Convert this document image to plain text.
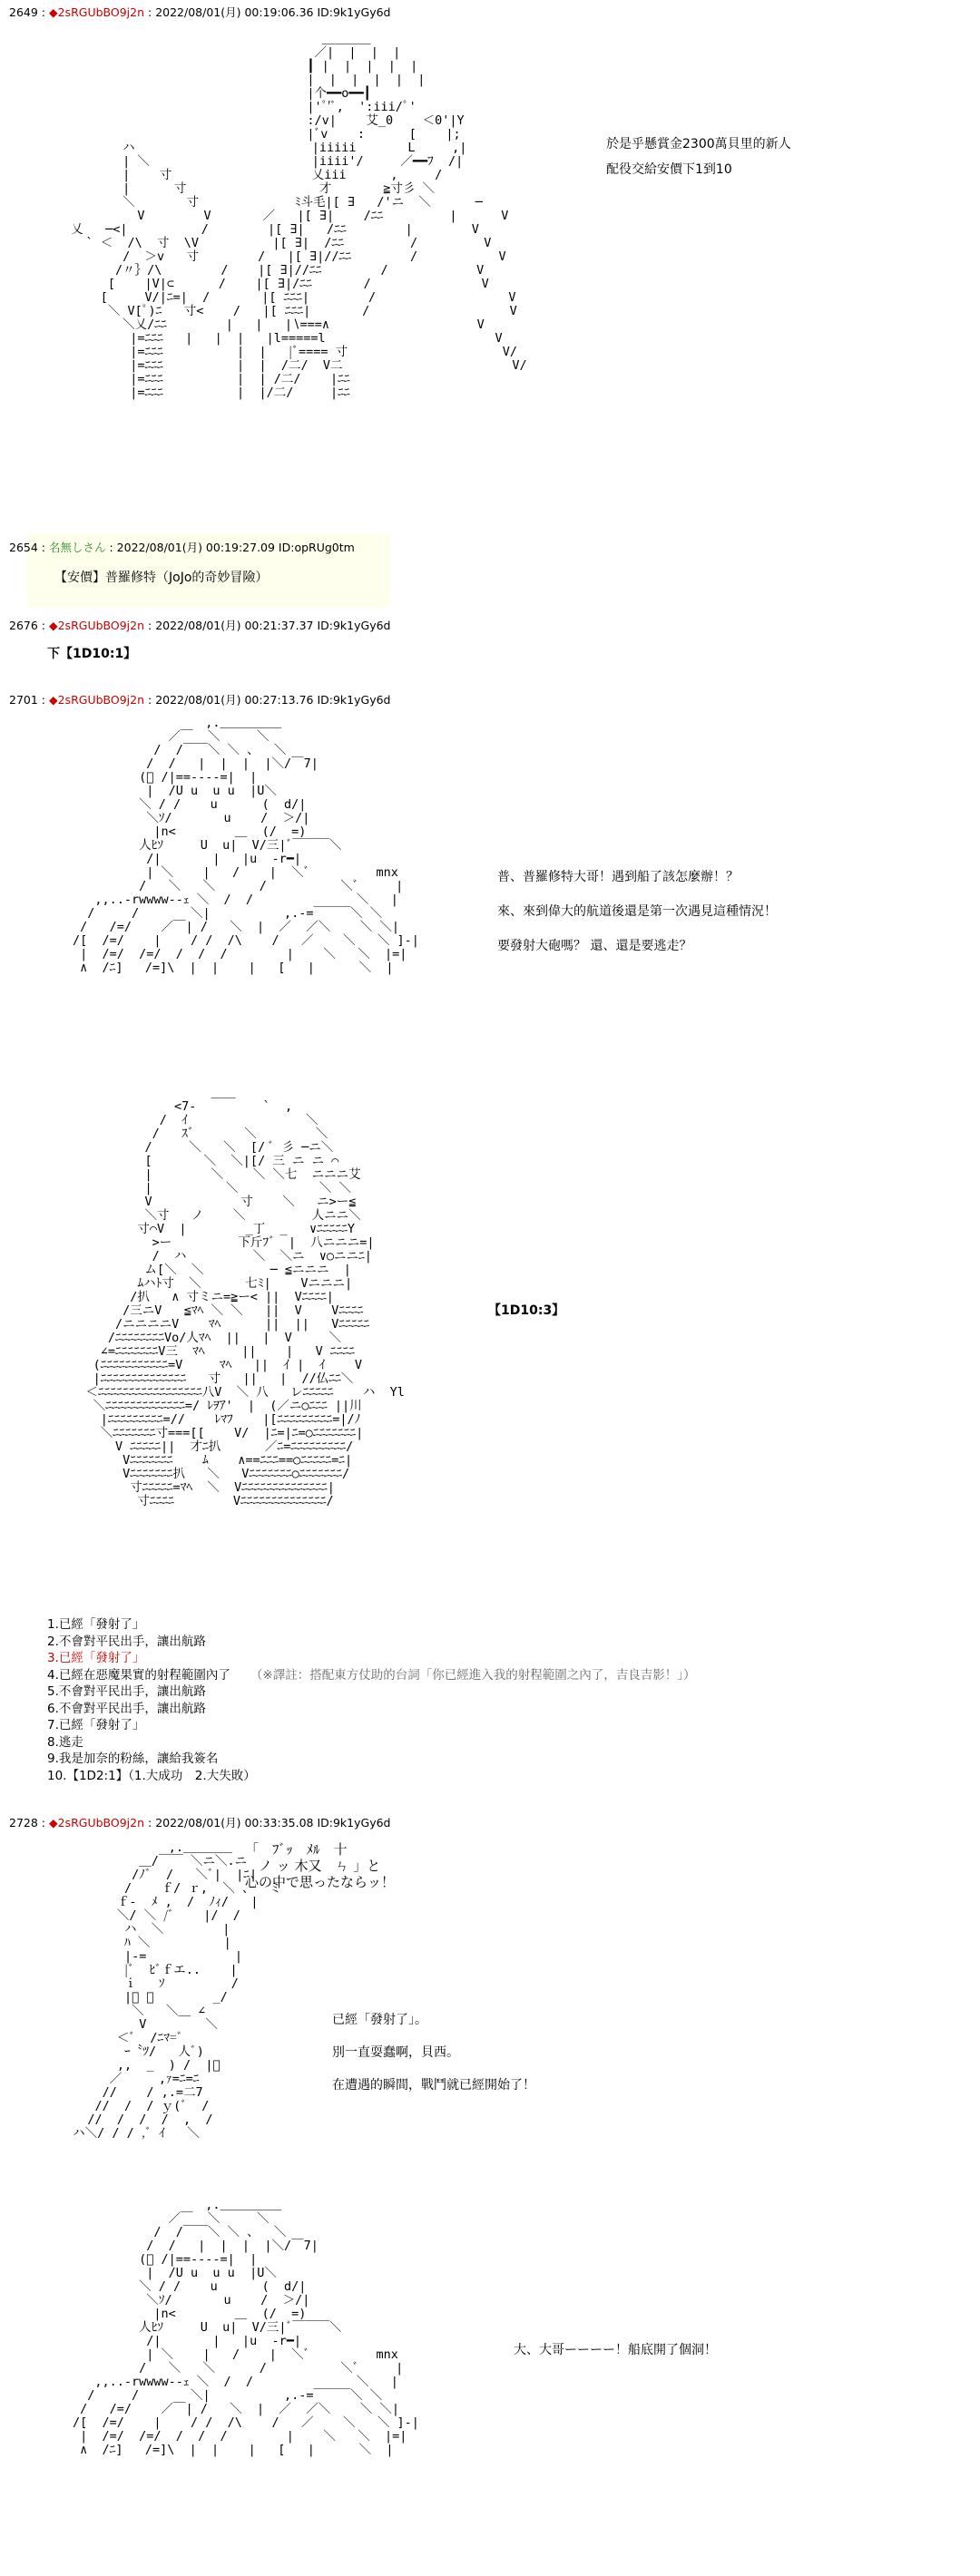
2649 : ◆2sRGUbBO9j2n : 2022/08/01(月) 00:19:06.36 ID:9k1yGy6d
＿＿＿＿
／|  |  |  |
┃ |  |  |  |  |
|  |  |  |  |  |
|个━━o━━┃
|'ﾟ'ﾞ,  ':iii/ﾟ'
:/v|    艾_0    ＜0'|Y
|ﾞv    :      [    |;
ハ                        |iiiii       L     ,|
| ＼                      |iiii'/     ／━━ﾌ  /|
|    寸                   乂iii      ,     /
|      寸                  才       ≧寸彡 ＼
＼       寸             ﾐ斗毛|[ ∃   /'ニ  ＼      ─
V        V       ／   |[ ∃|    /ﾆﾆ         |      V
乂   ─<|          /        |[ ∃|   /ﾆﾆ        |        V
` ＜  /\  寸  \V          |[ ∃|  /ﾆﾆ         /         V
/  ＞v   寸        /   |[ ∃|//ﾆﾆ        /           V
/〃｝/\        /    |[ ∃|//ﾆﾆ        /            V
[    |V|⊂      /    |[ ∃|/ﾆﾆ       /               V
[     V/|ﾆ=|  /       |[ ﾆﾆﾆ|        /                  V
＼ V[ﾟ)ﾆ   寸<    /   |[ ﾆﾆﾆ|       /                   V
＼乂/ﾆﾆ        |   |   |∖===∧                    V
|=ﾆﾆﾆ   |   |  |   |l=====l                       V
|=ﾆﾆﾆ          |  |   |ﾞ==== 寸                     V/
|=ﾆﾆﾆ          |  |  /二/  V二                       V/
|=ﾆﾆﾆ          |  | /二/    |ﾆﾆ
|=ﾆﾆﾆ          |  |/二/     |ﾆﾆ
於是乎懸賞金2300萬貝里的新人
配役交給安價下1到10
2654 : 名無しさん : 2022/08/01(月) 00:19:27.09 ID:opRUg0tm
【安價】普羅修特（JoJo的奇妙冒險）
2676 : ◆2sRGUbBO9j2n : 2022/08/01(月) 00:21:37.37 ID:9k1yGy6d
下【1D10:1】
2701 : ◆2sRGUbBO9j2n : 2022/08/01(月) 00:27:13.76 ID:9k1yGy6d
,.＿＿＿＿＿
／￣  ＼     ＼
/  /￣￣＼ ＼ 、  ＼
/  /   |  |  |  |＼/￣7|
(ﾞ /|==----=|  |
|  /U u  u u  |U＼
＼ / /    u      (  d/|
＼ｿ/       u    /  ＞/|
|n<        ＿  (/  =)
人ﾋｿ     U  u|  V/三|ﾞ￣￣￣＼
/|       |   |u  -r━|
| ＼    |   /    |  ＼ﾞ         mnx
/   ＼   ＼      /          ＼ﾞ     |
,,..-rwwww--ｪ ＼  /  /              ＼   |
/     /       ＼|          ,.-=￣￣￣＼ ＼
/   /=/    ／￣| /   ＼  |  ／  ／＼    ＼ ＼|
/[  /=/    |    / /  /\    /   ／    ＼   ＼ ]-|
|  /=/  /=/  /  /  /        |    ＼   ＼  |=|
∧  /ﾆ]   /=]\  |  |    |   [   |      ＼  |
普、普羅修特大哥！遇到船了該怎麼辦！？
來、來到偉大的航道後還是第一次遇見這種情況！
要發射大砲嗎？ 還、還是要逃走？
＿＿
<7-         `  ,
/  ｲ                ＼
/   ｽ゛      ＼        ＼
/     ＼   ＼  [/ ﾞ 彡 ─ニ＼
[       ＼  ＼|[/ 三 ニ ニ ⌒
|        ＼    ＼ ＼七  ニニニ艾
|          ＼           ＼ ＼
V            寸    ＼   ニ>ー≦
＼寸   ノ    ＼         人ニニ＼
寸⌒V  |        _丁  _   ∨ﾆﾆﾆﾆﾆY
>ー         下斤ﾌ゛ |  八ニニニ=|
/  ハ         ＼  ＼ニ  ∨○ニニﾆ|
ム[＼  ＼         ─ ≦ニニニ  |
ﾑハﾄ寸  ＼      七ﾐ|    Vニニニ|
/扒   ∧ 寸ミニ=≧ー< ||  Vﾆﾆﾆﾆ|
/三ニV   ≦ﾏﾍ ＼ ＼   ||  V    Vﾆﾆﾆﾆ
/ニニニニV    ﾏﾍ      ||  ||   Vﾆﾆﾆﾆﾆ
/ﾆﾆﾆﾆﾆﾆﾆﾆVo/人ﾏﾍ  ||   |  V     ＼
∠=ﾆﾆﾆﾆﾆﾆﾆV三  ﾏﾍ     ||    |   V ﾆﾆﾆﾆ
(ﾆﾆﾆﾆﾆﾆﾆﾆﾆﾆﾆ=V     ﾏﾍ   ||  ｲ |  ｲ    V
|ﾆﾆﾆﾆﾆﾆﾆﾆﾆﾆﾆﾆﾆﾆ   寸   ||   |  //仏ﾆﾆ＼
＜ﾆﾆﾆﾆﾆﾆﾆﾆﾆﾆﾆﾆﾆﾆﾆﾆﾆ八V  ＼ 八   レﾆﾆﾆﾆﾆ    ハ  Yl
＼ﾆﾆﾆﾆﾆﾆﾆﾆﾆﾆﾆﾆﾆ=/ ﾚｦｱ'  |  (／ニ○ﾆﾆﾆ ||川
|ﾆﾆﾆﾆﾆﾆﾆﾆﾆ=//    ﾚﾏﾌ    |[ﾆﾆﾆﾆﾆﾆﾆﾆﾆ=|/ﾉ
＼ﾆﾆﾆﾆﾆﾆﾆ寸===[[    V/  |ﾆ=|ﾆ=○ﾆﾆﾆﾆﾆﾆﾆ|
V ﾆﾆﾆﾆﾆ||  才ﾆ扒      ／ﾆ=ﾆﾆﾆﾆﾆﾆﾆﾆﾆ/
Vﾆﾆﾆﾆﾆﾆﾆ    ﾑ    ∧==ﾆﾆﾆ==○ﾆﾆﾆﾆﾆ=ﾆ|
Vﾆﾆﾆﾆﾆﾆﾆ扒   ＼   Vﾆﾆﾆﾆﾆﾆﾆ○ﾆﾆﾆﾆﾆﾆﾆ/
寸ﾆﾆﾆﾆﾆ=ﾏﾍ  ＼  Vﾆﾆﾆﾆﾆﾆﾆﾆﾆﾆﾆﾆﾆﾆ|
寸ﾆﾆﾆﾆ        Vﾆﾆﾆﾆﾆﾆﾆﾆﾆﾆﾆﾆﾆﾆ/
【1D10:3】
1.已經「發射了」
2.不會對平民出手，讓出航路
3.已經「發射了」
4.已經在惡魔果實的射程範圍內了 （※譯註：搭配東方仗助的台詞「你已經進入我的射程範圍之內了，吉良吉影！」）
5.不會對平民出手，讓出航路
6.不會對平民出手，讓出航路
7.已經「發射了」
8.逃走
9.我是加奈的粉絲，讓給我簽名
10.【1D2:1】（1.大成功　2.大失敗）
2728 : ◆2sRGUbBO9j2n : 2022/08/01(月) 00:33:35.08 ID:9k1yGy6d
,.＿＿＿＿
＿/￣￣ ＼ニ＼.ニ
/ﾉﾞ  /   ＼ﾞ|  |ﾆ|
/    ｆ/ ｒ,  ＼ 、  ミ
ｆ-  ﾒ ,  /  ﾉｨ/   |
＼/ ＼ /ﾞ    |/  /
ハ  ＼        |
ﾊ ＼          |
|-=            |
|ﾞ  ﾋﾞｆエ..    |
ｉ   ｿ         /
|ﾞ ＼        _/
＼   ＼＿ ∠
V        ＼
＜ﾞ  /ﾆﾏ=ﾞ
ｰ〝ﾂ/   人ﾞ)
,,  _  ) /  |ﾞ
／     ,ｧ=ﾆ=ﾆ
//    / ,.=二7
//  /  / ｙ(ﾞ  /
//  /  /  /  ,  /
ハ＼/ / / ,ﾞ ｲ   ＼
「　ﾌﾞｯ　ﾒﾙ　十
　ノ ッ 木又　ㄣ 」と
心の中で思ったならッ！
已經「發射了」。
別一直耍蠢啊，貝西。
在遭遇的瞬間，戰鬥就已經開始了！
,.＿＿＿＿＿
／￣  ＼     ＼
/  /￣￣＼ ＼ 、  ＼
/  /   |  |  |  |＼/￣7|
(ﾞ /|==----=|  |
|  /U u  u u  |U＼
＼ / /    u      (  d/|
＼ｿ/       u    /  ＞/|
|n<        ＿  (/  =)
人ﾋｿ     U  u|  V/三|ﾞ￣￣￣＼
/|       |   |u  -r━|
| ＼    |   /    |  ＼ﾞ         mnx
/   ＼   ＼      /          ＼ﾞ     |
,,..-rwwww--ｪ ＼  /  /              ＼   |
/     /       ＼|          ,.-=￣￣￣＼ ＼
/   /=/    ／￣| /   ＼  |  ／  ／＼    ＼ ＼|
/[  /=/    |    / /  /\    /   ／    ＼   ＼ ]-|
|  /=/  /=/  /  /  /        |    ＼   ＼  |=|
∧  /ﾆ]   /=]\  |  |    |   [   |      ＼  |
大、大哥ーーーー！船底開了個洞！
